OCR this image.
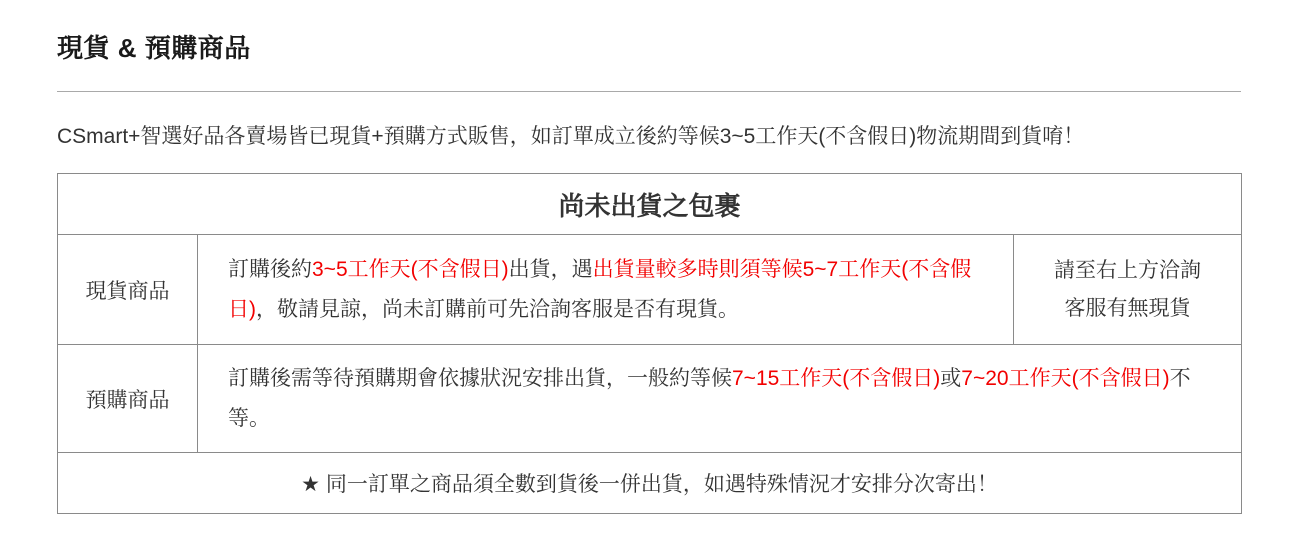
現貨 & 預購商品

CSmart+智選好品各賣場皆已現貨+預購方式販售，如訂單成立後約等候3~5工作天(不含假日)物流期間到貨唷！

尚未出貨之包裹		
現貨商品	訂購後約3~5工作天(不含假日)出貨，遇出貨量較多時則須等候5~7工作天(不含假日)，敬請見諒，尚未訂購前可先洽詢客服是否有現貨。	請至右上方洽詢
客服有無現貨

預購商品	訂購後需等待預購期會依據狀況安排出貨，一般約等候7~15工作天(不含假日)或7~20工作天(不含假日)不等。	
★ 同一訂單之商品須全數到貨後一併出貨，如遇特殊情況才安排分次寄出！		
